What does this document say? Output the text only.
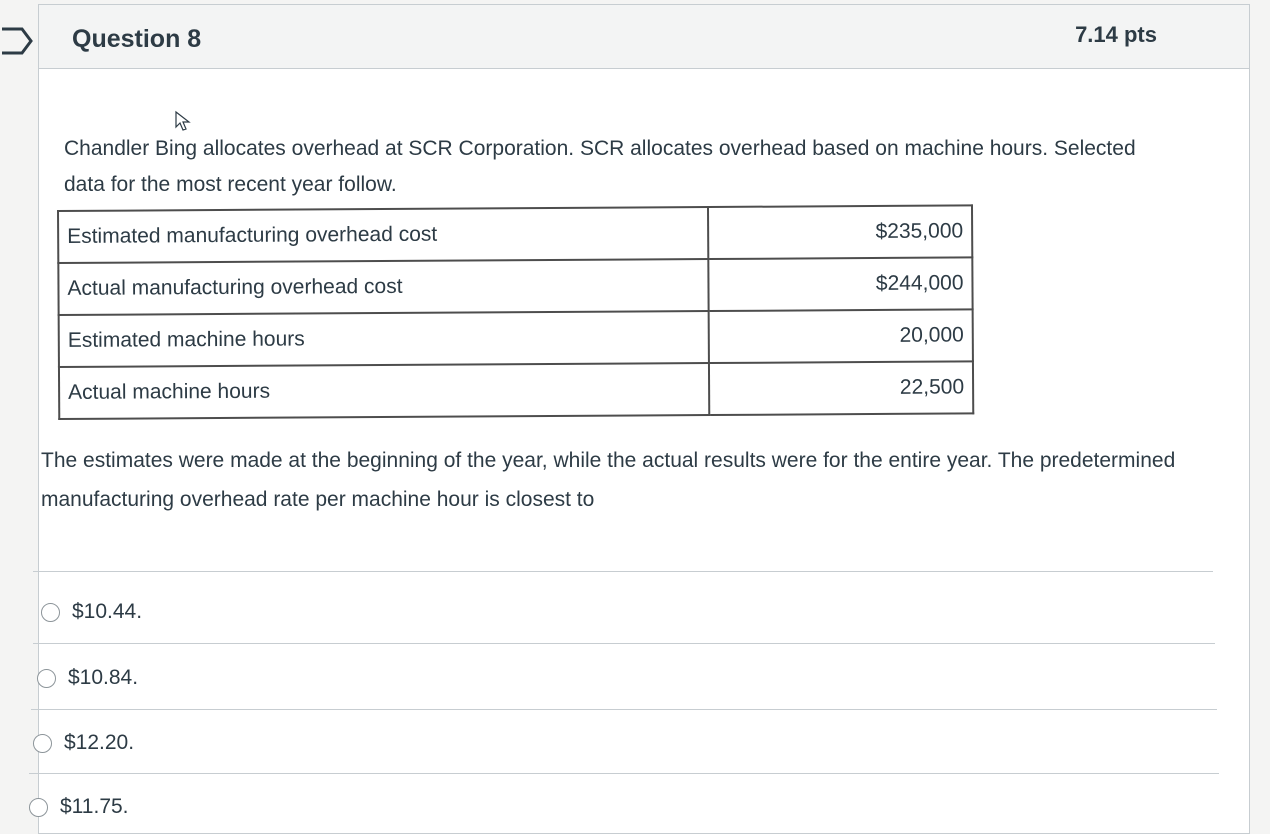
Question 8	7.14 pts
Chandler Bing allocates overhead at SCR Corporation. SCR allocates overhead based on machine hours. Selected data for the most recent year follow.
Estimated manufacturing overhead cost	$235,000
Actual manufacturing overhead cost	$244,000
Estimated machine hours	20,000
Actual machine hours	22,500
The estimates were made at the beginning of the year, while the actual results were for the entire year. The predetermined manufacturing overhead rate per machine hour is closest to
$10.44.
$10.84.
$12.20.
$11.75.
